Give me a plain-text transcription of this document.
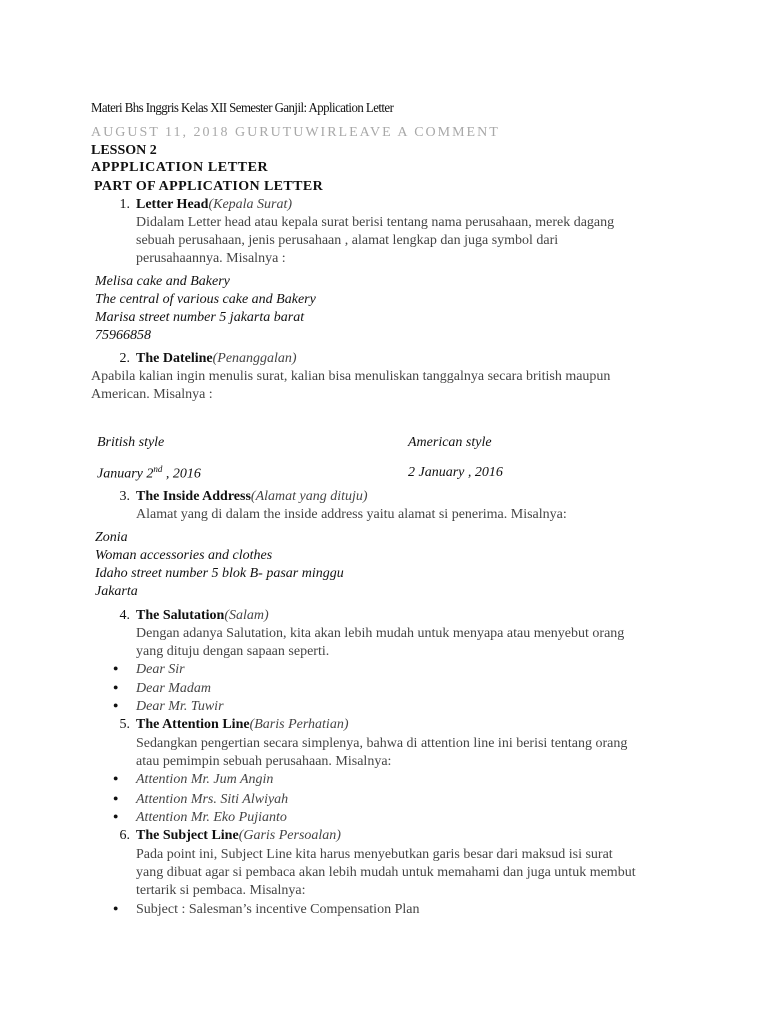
Materi Bhs Inggris Kelas XII Semester Ganjil: Application Letter
AUGUST 11, 2018 GURUTUWIRLEAVE A COMMENT
LESSON 2
APPPLICATION LETTER
PART OF APPLICATION LETTER
1. Letter Head(Kepala Surat)
Didalam Letter head atau kepala surat berisi tentang nama perusahaan, merek dagang
sebuah perusahaan, jenis perusahaan , alamat lengkap dan juga symbol dari
perusahaannya. Misalnya :
Melisa cake and Bakery
The central of various cake and Bakery
Marisa street number 5 jakarta barat
75966858
2. The Dateline(Penanggalan)
Apabila kalian ingin menulis surat, kalian bisa menuliskan tanggalnya secara british maupun
American. Misalnya :
British style	American style
January 2nd , 2016	2 January , 2016
3. The Inside Address(Alamat yang dituju)
Alamat yang di dalam the inside address yaitu alamat si penerima. Misalnya:
Zonia
Woman accessories and clothes
Idaho street number 5 blok B- pasar minggu
Jakarta
4. The Salutation(Salam)
Dengan adanya Salutation, kita akan lebih mudah untuk menyapa atau menyebut orang
yang dituju dengan sapaan seperti.
● Dear Sir
● Dear Madam
● Dear Mr. Tuwir
5. The Attention Line(Baris Perhatian)
Sedangkan pengertian secara simplenya, bahwa di attention line ini berisi tentang orang
atau pemimpin sebuah perusahaan. Misalnya:
● Attention Mr. Jum Angin
● Attention Mrs. Siti Alwiyah
● Attention Mr. Eko Pujianto
6. The Subject Line(Garis Persoalan)
Pada point ini, Subject Line kita harus menyebutkan garis besar dari maksud isi surat
yang dibuat agar si pembaca akan lebih mudah untuk memahami dan juga untuk membut
tertarik si pembaca. Misalnya:
● Subject : Salesman’s incentive Compensation Plan
